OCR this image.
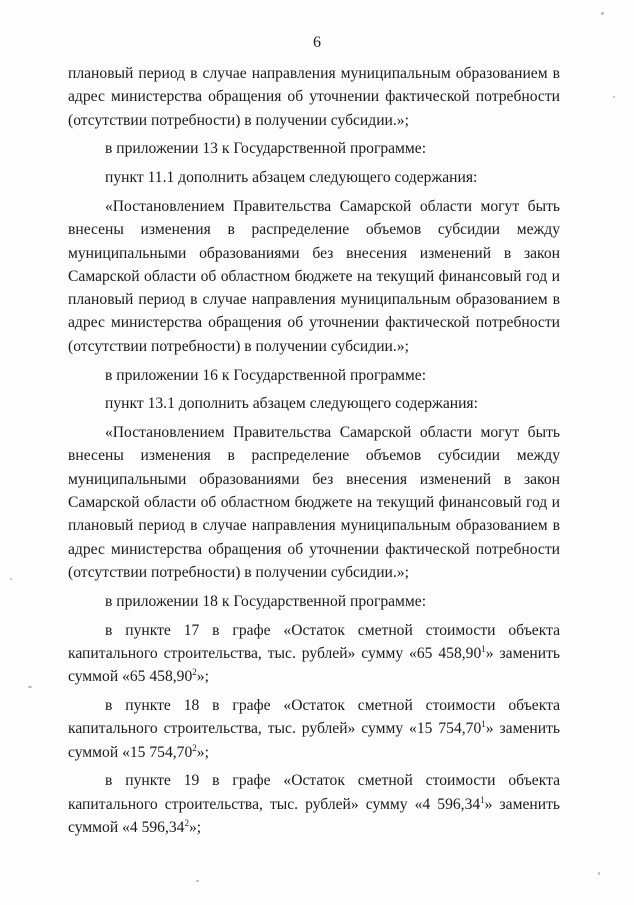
6

плановый период в случае направления муниципальным образованием в адрес министерства обращения об уточнении фактической потребности (отсутствии потребности) в получении субсидии.»;

в приложении 13 к Государственной программе:

пункт 11.1 дополнить абзацем следующего содержания:

«Постановлением Правительства Самарской области могут быть внесены изменения в распределение объемов субсидии между муниципальными образованиями без внесения изменений в закон Самарской области об областном бюджете на текущий финансовый год и плановый период в случае направления муниципальным образованием в адрес министерства обращения об уточнении фактической потребности (отсутствии потребности) в получении субсидии.»;

в приложении 16 к Государственной программе:

пункт 13.1 дополнить абзацем следующего содержания:

«Постановлением Правительства Самарской области могут быть внесены изменения в распределение объемов субсидии между муниципальными образованиями без внесения изменений в закон Самарской области об областном бюджете на текущий финансовый год и плановый период в случае направления муниципальным образованием в адрес министерства обращения об уточнении фактической потребности (отсутствии потребности) в получении субсидии.»;

в приложении 18 к Государственной программе:

в пункте 17 в графе «Остаток сметной стоимости объекта капитального строительства, тыс. рублей» сумму «65 458,90$^1$» заменить суммой «65 458,90$^2$»;

в пункте 18 в графе «Остаток сметной стоимости объекта капитального строительства, тыс. рублей» сумму «15 754,70$^1$» заменить суммой «15 754,70$^2$»;

в пункте 19 в графе «Остаток сметной стоимости объекта капитального строительства, тыс. рублей» сумму «4 596,34$^1$» заменить суммой «4 596,34$^2$»;
